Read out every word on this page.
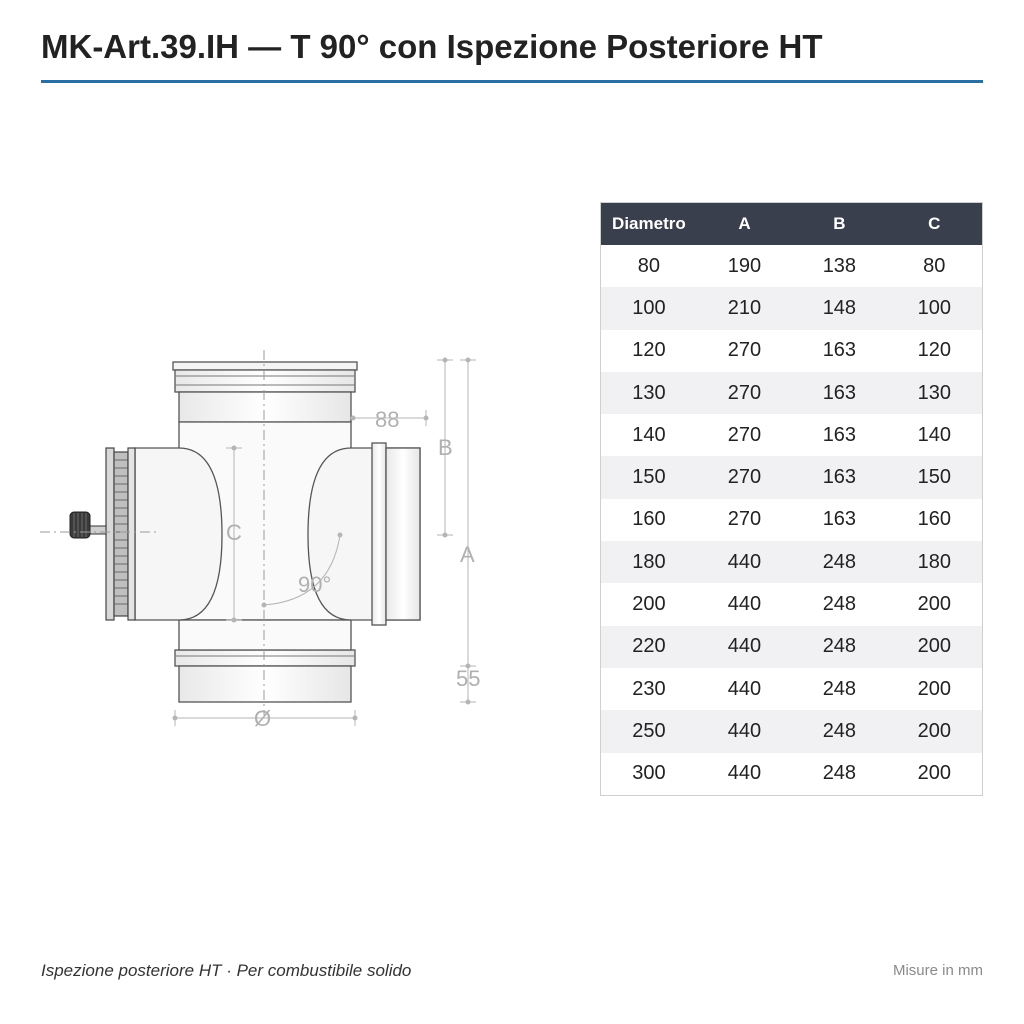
MK-Art.39.IH — T 90° con Ispezione Posteriore HT
88
B
A
C
90°
55
Ø
Diametro	A	B	C
80	190	138	80
100	210	148	100
120	270	163	120
130	270	163	130
140	270	163	140
150	270	163	150
160	270	163	160
180	440	248	180
200	440	248	200
220	440	248	200
230	440	248	200
250	440	248	200
300	440	248	200
Ispezione posteriore HT · Per combustibile solido	Misure in mm
